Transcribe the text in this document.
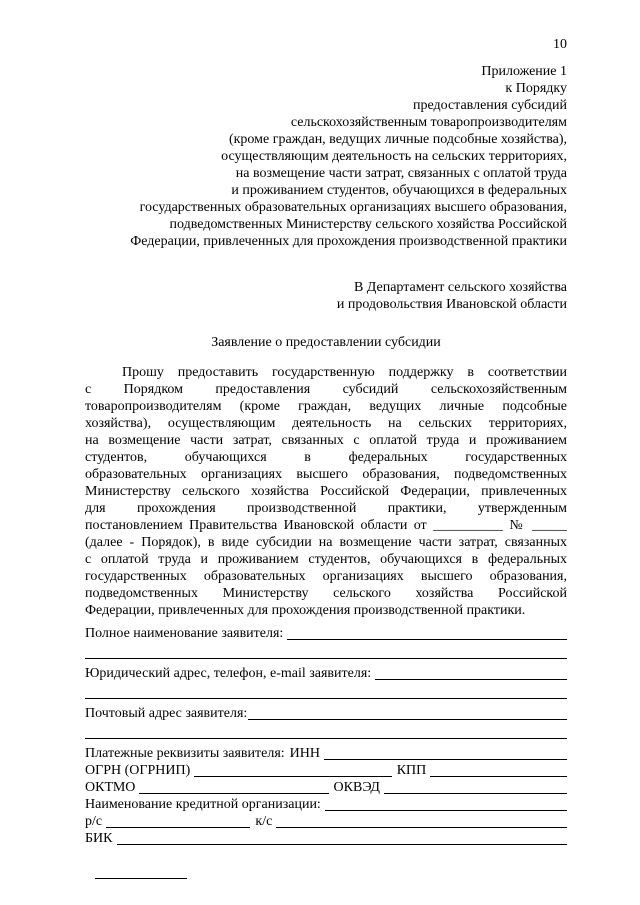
10
Приложение 1
к Порядку
предоставления субсидий
сельскохозяйственным товаропроизводителям
(кроме граждан, ведущих личные подсобные хозяйства),
осуществляющим деятельность на сельских территориях,
на возмещение части затрат, связанных с оплатой труда
и проживанием студентов, обучающихся в федеральных
государственных образовательных организациях высшего образования,
подведомственных Министерству сельского хозяйства Российской
Федерации, привлеченных для прохождения производственной практики
В Департамент сельского хозяйства
и продовольствия Ивановской области
Заявление о предоставлении субсидии
Прошу предоставить государственную поддержку в соответствии
с Порядком предоставления субсидий сельскохозяйственным
товаропроизводителям (кроме граждан, ведущих личные подсобные
хозяйства), осуществляющим деятельность на сельских территориях,
на возмещение части затрат, связанных с оплатой труда и проживанием
студентов, обучающихся в федеральных государственных
образовательных организациях высшего образования, подведомственных
Министерству сельского хозяйства Российской Федерации, привлеченных
для прохождения производственной практики, утвержденным
постановлением Правительства Ивановской области от __________ № _____
(далее - Порядок), в виде субсидии на возмещение части затрат, связанных
с оплатой труда и проживанием студентов, обучающихся в федеральных
государственных образовательных организациях высшего образования,
подведомственных Министерству сельского хозяйства Российской
Федерации, привлеченных для прохождения производственной практики.
Полное наименование заявителя:
Юридический адрес, телефон, e-mail заявителя:
Почтовый адрес заявителя:
Платежные реквизиты заявителя: ИНН
ОГРН (ОГРНИП)	КПП
ОКТМО	ОКВЭД
Наименование кредитной организации:
р/с	к/с
БИК
